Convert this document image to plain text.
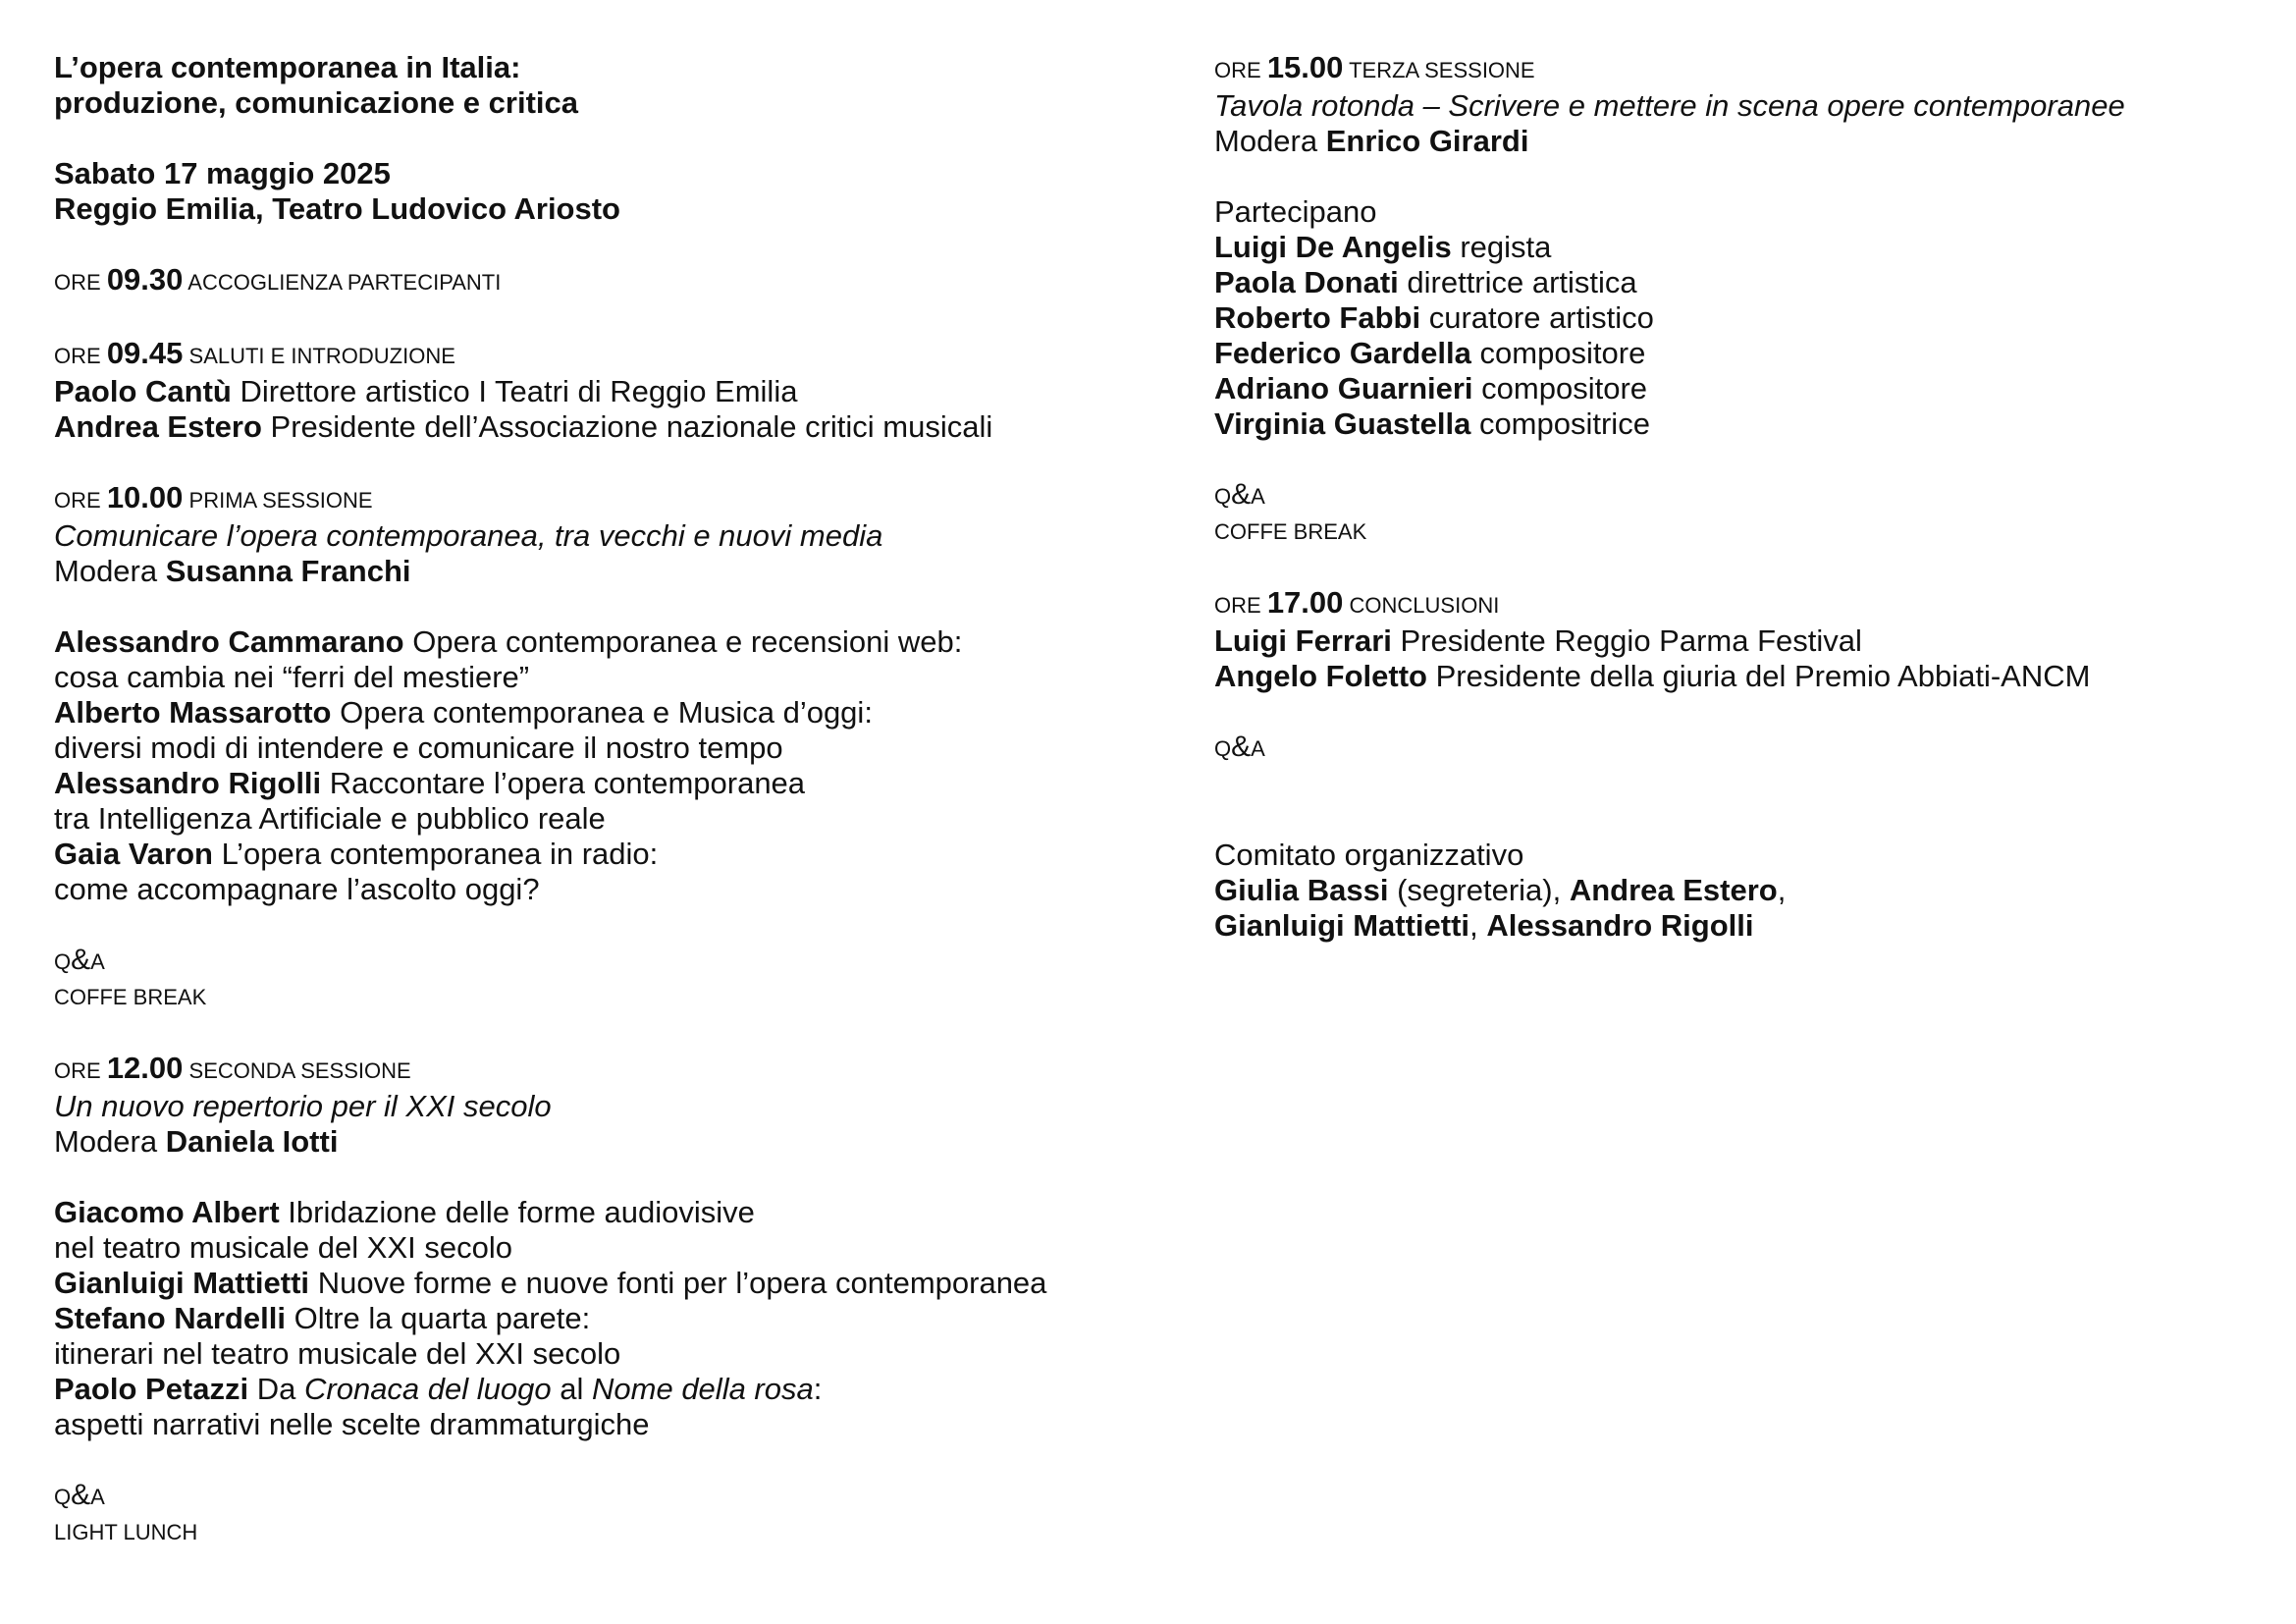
L’opera contemporanea in Italia:
produzione, comunicazione e critica
Sabato 17 maggio 2025
Reggio Emilia, Teatro Ludovico Ariosto
ORE 09.30 ACCOGLIENZA PARTECIPANTI
ORE 09.45 SALUTI E INTRODUZIONE
Paolo Cantù Direttore artistico I Teatri di Reggio Emilia
Andrea Estero Presidente dell’Associazione nazionale critici musicali
ORE 10.00 PRIMA SESSIONE
Comunicare l’opera contemporanea, tra vecchi e nuovi media
Modera Susanna Franchi
Alessandro Cammarano Opera contemporanea e recensioni web:
cosa cambia nei “ferri del mestiere”
Alberto Massarotto Opera contemporanea e Musica d’oggi:
diversi modi di intendere e comunicare il nostro tempo
Alessandro Rigolli Raccontare l’opera contemporanea
tra Intelligenza Artificiale e pubblico reale
Gaia Varon L’opera contemporanea in radio:
come accompagnare l’ascolto oggi?
Q&A
COFFE BREAK
ORE 12.00 SECONDA SESSIONE
Un nuovo repertorio per il XXI secolo
Modera Daniela Iotti
Giacomo Albert Ibridazione delle forme audiovisive
nel teatro musicale del XXI secolo
Gianluigi Mattietti Nuove forme e nuove fonti per l’opera contemporanea
Stefano Nardelli Oltre la quarta parete:
itinerari nel teatro musicale del XXI secolo
Paolo Petazzi Da Cronaca del luogo al Nome della rosa:
aspetti narrativi nelle scelte drammaturgiche
Q&A
LIGHT LUNCH
ORE 15.00 TERZA SESSIONE
Tavola rotonda – Scrivere e mettere in scena opere contemporanee
Modera Enrico Girardi
Partecipano
Luigi De Angelis regista
Paola Donati direttrice artistica
Roberto Fabbi curatore artistico
Federico Gardella compositore
Adriano Guarnieri compositore
Virginia Guastella compositrice
Q&A
COFFE BREAK
ORE 17.00 CONCLUSIONI
Luigi Ferrari Presidente Reggio Parma Festival
Angelo Foletto Presidente della giuria del Premio Abbiati-ANCM
Q&A
Comitato organizzativo
Giulia Bassi (segreteria), Andrea Estero,
Gianluigi Mattietti, Alessandro Rigolli
